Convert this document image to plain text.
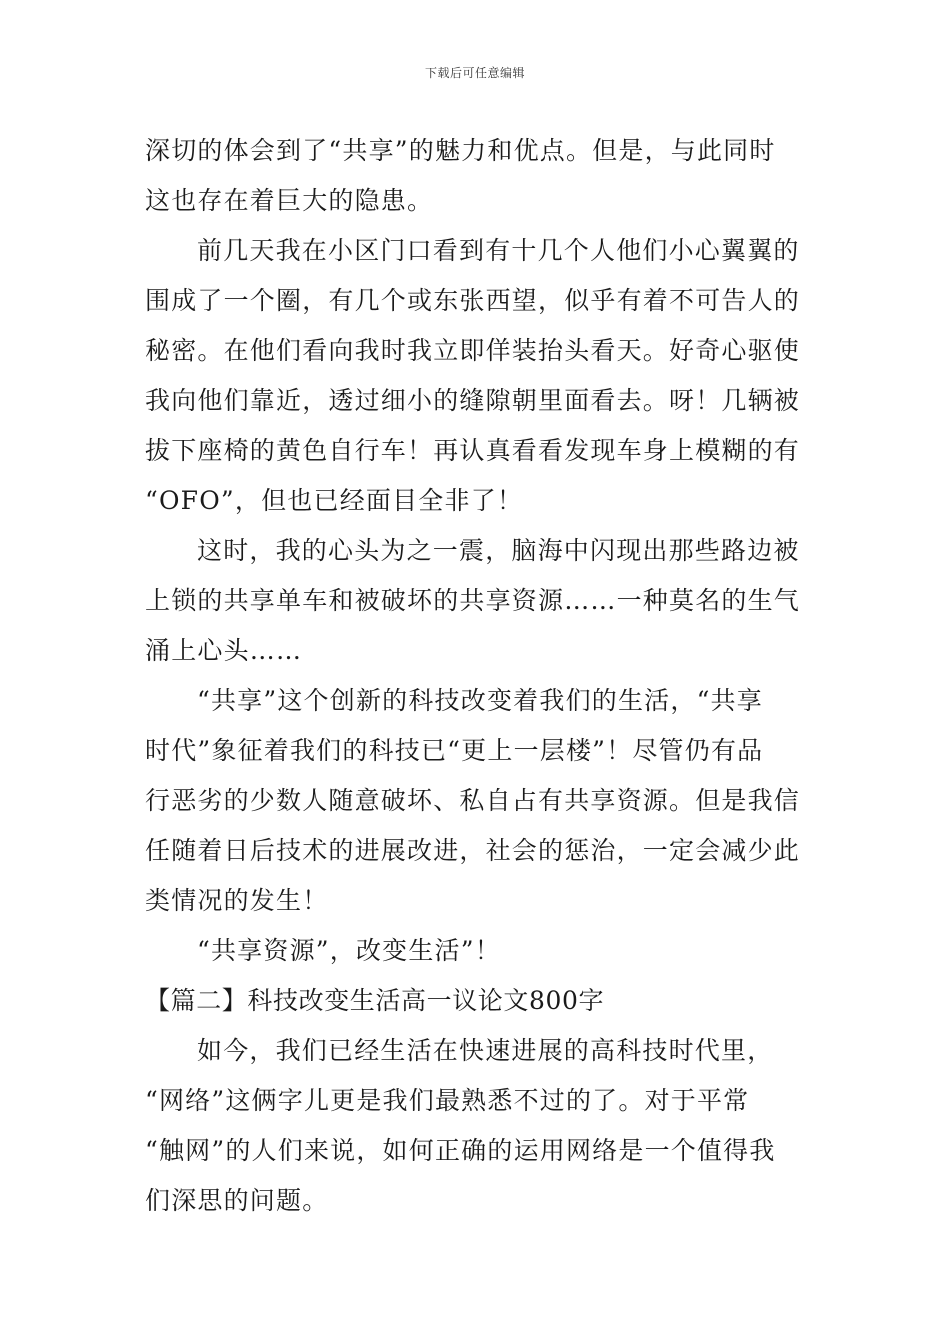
下载后可任意编辑
深切的体会到了“共享”的魅力和优点。但是，与此同时
这也存在着巨大的隐患。
前几天我在小区门口看到有十几个人他们小心翼翼的
围成了一个圈，有几个或东张西望，似乎有着不可告人的
秘密。在他们看向我时我立即佯装抬头看天。好奇心驱使
我向他们靠近，透过细小的缝隙朝里面看去。呀！几辆被
拔下座椅的黄色自行车！再认真看看发现车身上模糊的有
“OFO”，但也已经面目全非了！
这时，我的心头为之一震，脑海中闪现出那些路边被
上锁的共享单车和被破坏的共享资源……一种莫名的生气
涌上心头……
“共享”这个创新的科技改变着我们的生活，“共享
时代”象征着我们的科技已“更上一层楼”！尽管仍有品
行恶劣的少数人随意破坏、私自占有共享资源。但是我信
任随着日后技术的进展改进，社会的惩治，一定会减少此
类情况的发生！
“共享资源”，改变生活”！
【篇二】科技改变生活高一议论文800字
如今，我们已经生活在快速进展的高科技时代里，
“网络”这俩字儿更是我们最熟悉不过的了。对于平常
“触网”的人们来说，如何正确的运用网络是一个值得我
们深思的问题。
